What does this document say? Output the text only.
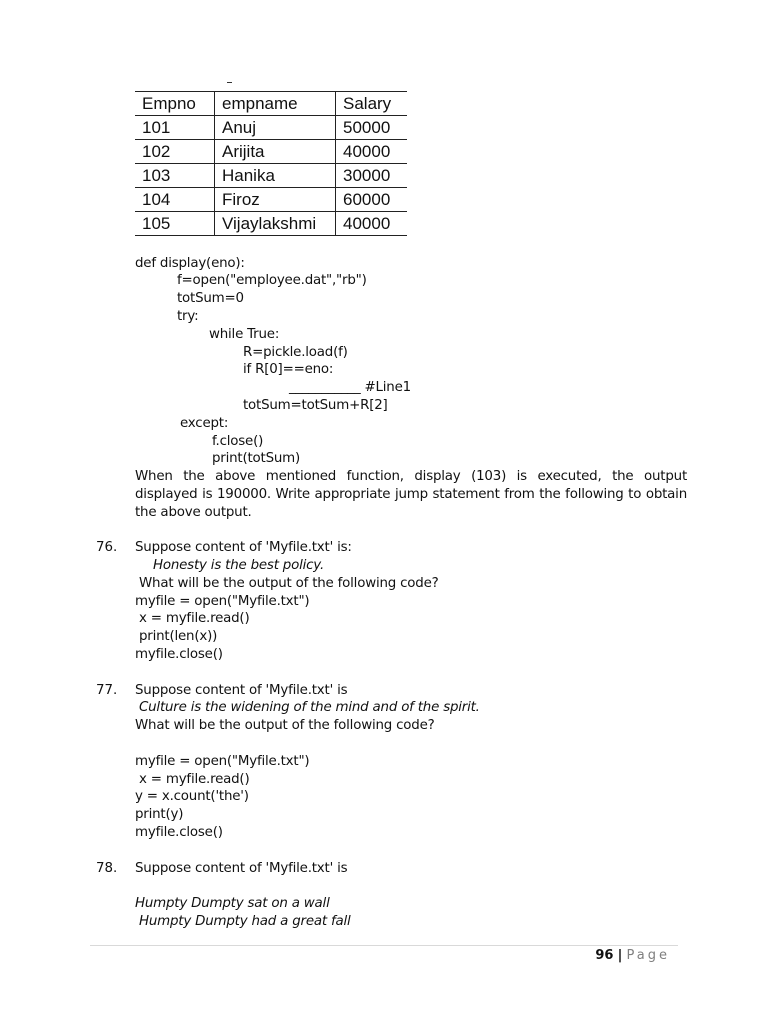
Empno	empname	Salary
101	Anuj	50000
102	Arijita	40000
103	Hanika	30000
104	Firoz	60000
105	Vijaylakshmi	40000
def display(eno):
f=open("employee.dat","rb")
totSum=0
try:
while True:
R=pickle.load(f)
if R[0]==eno:
___________ #Line1
totSum=totSum+R[2]
except:
f.close()
print(totSum)
When the above mentioned function, display (103) is executed, the output displayed is 190000. Write appropriate jump statement from the following to obtain the above output.
76. Suppose content of 'Myfile.txt' is:
Honesty is the best policy.
What will be the output of the following code?
myfile = open("Myfile.txt")
x = myfile.read()
print(len(x))
myfile.close()
77. Suppose content of 'Myfile.txt' is
Culture is the widening of the mind and of the spirit.
What will be the output of the following code?
myfile = open("Myfile.txt")
x = myfile.read()
y = x.count('the')
print(y)
myfile.close()
78. Suppose content of 'Myfile.txt' is
Humpty Dumpty sat on a wall
Humpty Dumpty had a great fall
96 | Page
